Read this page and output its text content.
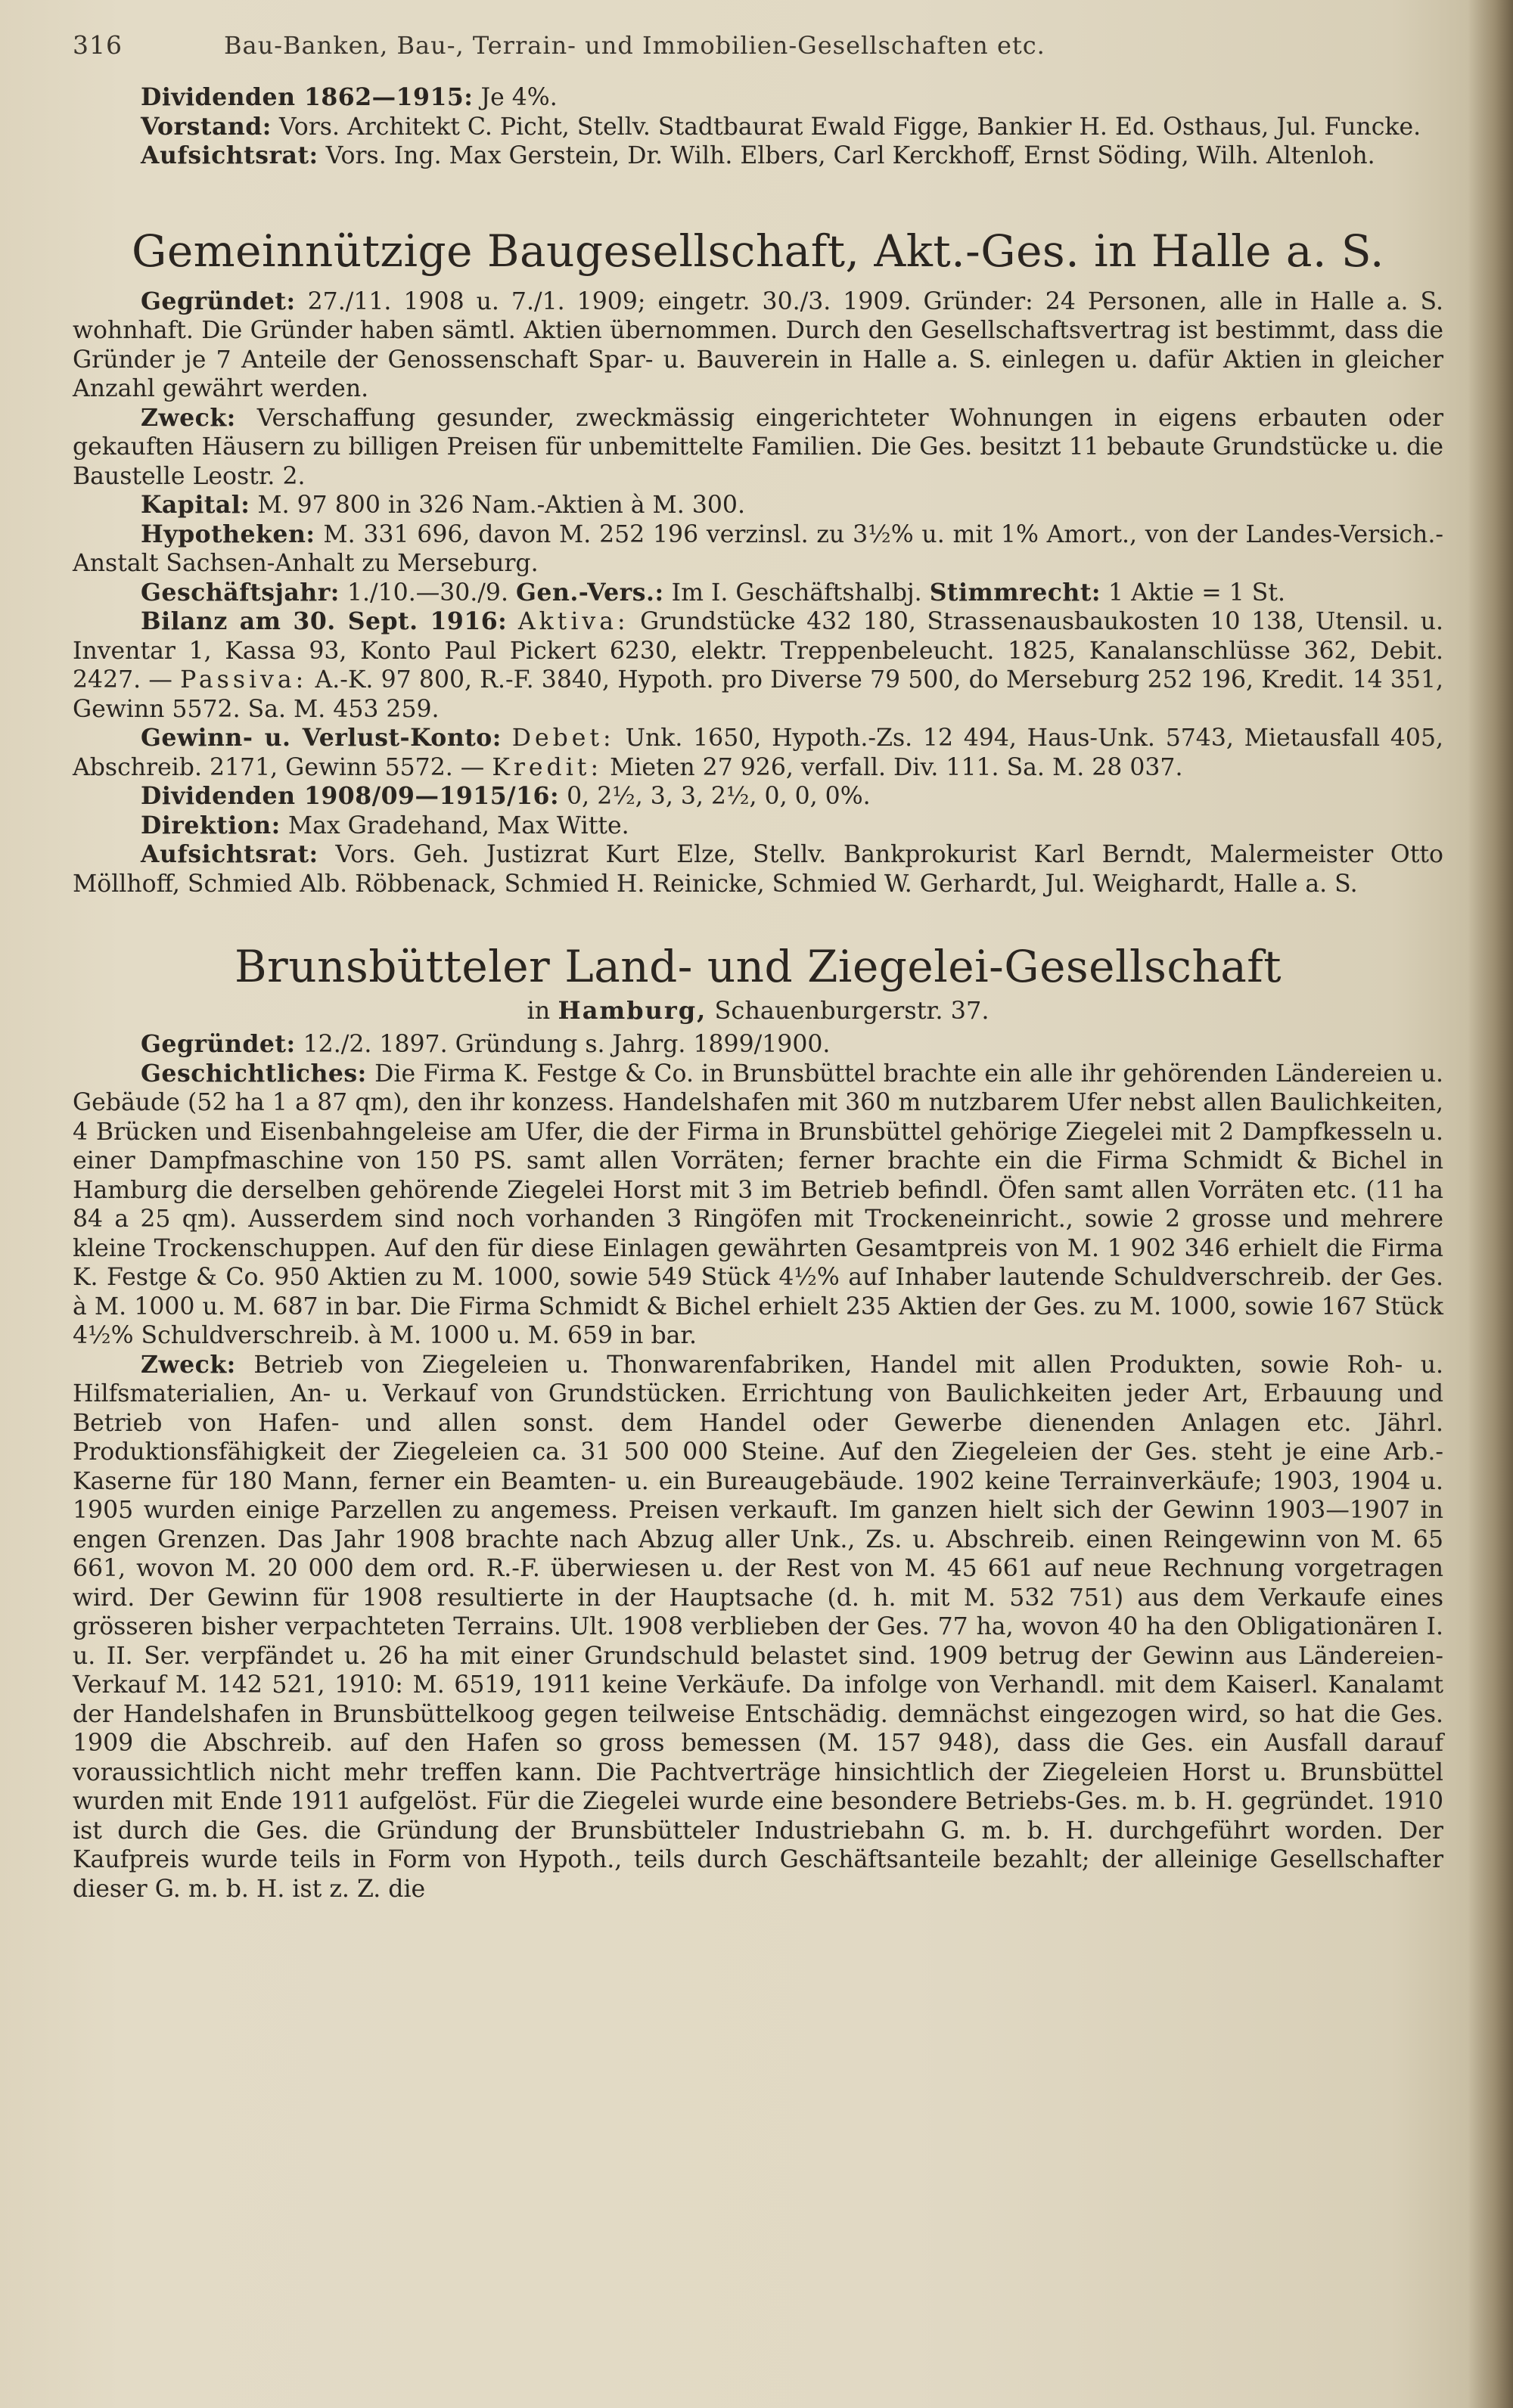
316	Bau-Banken, Bau-, Terrain- und Immobilien-Gesellschaften etc.

Dividenden 1862—1915: Je 4%.

Vorstand: Vors. Architekt C. Picht, Stellv. Stadtbaurat Ewald Figge, Bankier H. Ed. Osthaus, Jul. Funcke.

Aufsichtsrat: Vors. Ing. Max Gerstein, Dr. Wilh. Elbers, Carl Kerckhoff, Ernst Söding, Wilh. Altenloh.

Gemeinnützige Baugesellschaft, Akt.-Ges. in Halle a. S.

Gegründet: 27./11. 1908 u. 7./1. 1909; eingetr. 30./3. 1909. Gründer: 24 Personen, alle in Halle a. S. wohnhaft. Die Gründer haben sämtl. Aktien übernommen. Durch den Gesellschaftsvertrag ist bestimmt, dass die Gründer je 7 Anteile der Genossenschaft Spar- u. Bauverein in Halle a. S. einlegen u. dafür Aktien in gleicher Anzahl gewährt werden.

Zweck: Verschaffung gesunder, zweckmässig eingerichteter Wohnungen in eigens erbauten oder gekauften Häusern zu billigen Preisen für unbemittelte Familien. Die Ges. besitzt 11 bebaute Grundstücke u. die Baustelle Leostr. 2.

Kapital: M. 97 800 in 326 Nam.-Aktien à M. 300.

Hypotheken: M. 331 696, davon M. 252 196 verzinsl. zu 3½% u. mit 1% Amort., von der Landes-Versich.-Anstalt Sachsen-Anhalt zu Merseburg.

Geschäftsjahr: 1./10.—30./9. Gen.-Vers.: Im I. Geschäftshalbj. Stimmrecht: 1 Aktie = 1 St.

Bilanz am 30. Sept. 1916: Aktiva: Grundstücke 432 180, Strassenausbaukosten 10 138, Utensil. u. Inventar 1, Kassa 93, Konto Paul Pickert 6230, elektr. Treppenbeleucht. 1825, Kanalanschlüsse 362, Debit. 2427. — Passiva: A.-K. 97 800, R.-F. 3840, Hypoth. pro Diverse 79 500, do Merseburg 252 196, Kredit. 14 351, Gewinn 5572. Sa. M. 453 259.

Gewinn- u. Verlust-Konto: Debet: Unk. 1650, Hypoth.-Zs. 12 494, Haus-Unk. 5743, Mietausfall 405, Abschreib. 2171, Gewinn 5572. — Kredit: Mieten 27 926, verfall. Div. 111. Sa. M. 28 037.

Dividenden 1908/09—1915/16: 0, 2½, 3, 3, 2½, 0, 0, 0%.

Direktion: Max Gradehand, Max Witte.

Aufsichtsrat: Vors. Geh. Justizrat Kurt Elze, Stellv. Bankprokurist Karl Berndt, Malermeister Otto Möllhoff, Schmied Alb. Röbbenack, Schmied H. Reinicke, Schmied W. Gerhardt, Jul. Weighardt, Halle a. S.

Brunsbütteler Land- und Ziegelei-Gesellschaft
in Hamburg, Schauenburgerstr. 37.

Gegründet: 12./2. 1897. Gründung s. Jahrg. 1899/1900.

Geschichtliches: Die Firma K. Festge & Co. in Brunsbüttel brachte ein alle ihr gehörenden Ländereien u. Gebäude (52 ha 1 a 87 qm), den ihr konzess. Handelshafen mit 360 m nutzbarem Ufer nebst allen Baulichkeiten, 4 Brücken und Eisenbahngeleise am Ufer, die der Firma in Brunsbüttel gehörige Ziegelei mit 2 Dampfkesseln u. einer Dampfmaschine von 150 PS. samt allen Vorräten; ferner brachte ein die Firma Schmidt & Bichel in Hamburg die derselben gehörende Ziegelei Horst mit 3 im Betrieb befindl. Öfen samt allen Vorräten etc. (11 ha 84 a 25 qm). Ausserdem sind noch vorhanden 3 Ringöfen mit Trockeneinricht., sowie 2 grosse und mehrere kleine Trockenschuppen. Auf den für diese Einlagen gewährten Gesamtpreis von M. 1 902 346 erhielt die Firma K. Festge & Co. 950 Aktien zu M. 1000, sowie 549 Stück 4½% auf Inhaber lautende Schuldverschreib. der Ges. à M. 1000 u. M. 687 in bar. Die Firma Schmidt & Bichel erhielt 235 Aktien der Ges. zu M. 1000, sowie 167 Stück 4½% Schuldverschreib. à M. 1000 u. M. 659 in bar.

Zweck: Betrieb von Ziegeleien u. Thonwarenfabriken, Handel mit allen Produkten, sowie Roh- u. Hilfsmaterialien, An- u. Verkauf von Grundstücken. Errichtung von Baulichkeiten jeder Art, Erbauung und Betrieb von Hafen- und allen sonst. dem Handel oder Gewerbe dienenden Anlagen etc. Jährl. Produktionsfähigkeit der Ziegeleien ca. 31 500 000 Steine. Auf den Ziegeleien der Ges. steht je eine Arb.-Kaserne für 180 Mann, ferner ein Beamten- u. ein Bureaugebäude. 1902 keine Terrainverkäufe; 1903, 1904 u. 1905 wurden einige Parzellen zu angemess. Preisen verkauft. Im ganzen hielt sich der Gewinn 1903—1907 in engen Grenzen. Das Jahr 1908 brachte nach Abzug aller Unk., Zs. u. Abschreib. einen Reingewinn von M. 65 661, wovon M. 20 000 dem ord. R.-F. überwiesen u. der Rest von M. 45 661 auf neue Rechnung vorgetragen wird. Der Gewinn für 1908 resultierte in der Hauptsache (d. h. mit M. 532 751) aus dem Verkaufe eines grösseren bisher verpachteten Terrains. Ult. 1908 verblieben der Ges. 77 ha, wovon 40 ha den Obligationären I. u. II. Ser. verpfändet u. 26 ha mit einer Grundschuld belastet sind. 1909 betrug der Gewinn aus Ländereien-Verkauf M. 142 521, 1910: M. 6519, 1911 keine Verkäufe. Da infolge von Verhandl. mit dem Kaiserl. Kanalamt der Handelshafen in Brunsbüttelkoog gegen teilweise Entschädig. demnächst eingezogen wird, so hat die Ges. 1909 die Abschreib. auf den Hafen so gross bemessen (M. 157 948), dass die Ges. ein Ausfall darauf voraussichtlich nicht mehr treffen kann. Die Pachtverträge hinsichtlich der Ziegeleien Horst u. Brunsbüttel wurden mit Ende 1911 aufgelöst. Für die Ziegelei wurde eine besondere Betriebs-Ges. m. b. H. gegründet. 1910 ist durch die Ges. die Gründung der Brunsbütteler Industriebahn G. m. b. H. durchgeführt worden. Der Kaufpreis wurde teils in Form von Hypoth., teils durch Geschäftsanteile bezahlt; der alleinige Gesellschafter dieser G. m. b. H. ist z. Z. die
